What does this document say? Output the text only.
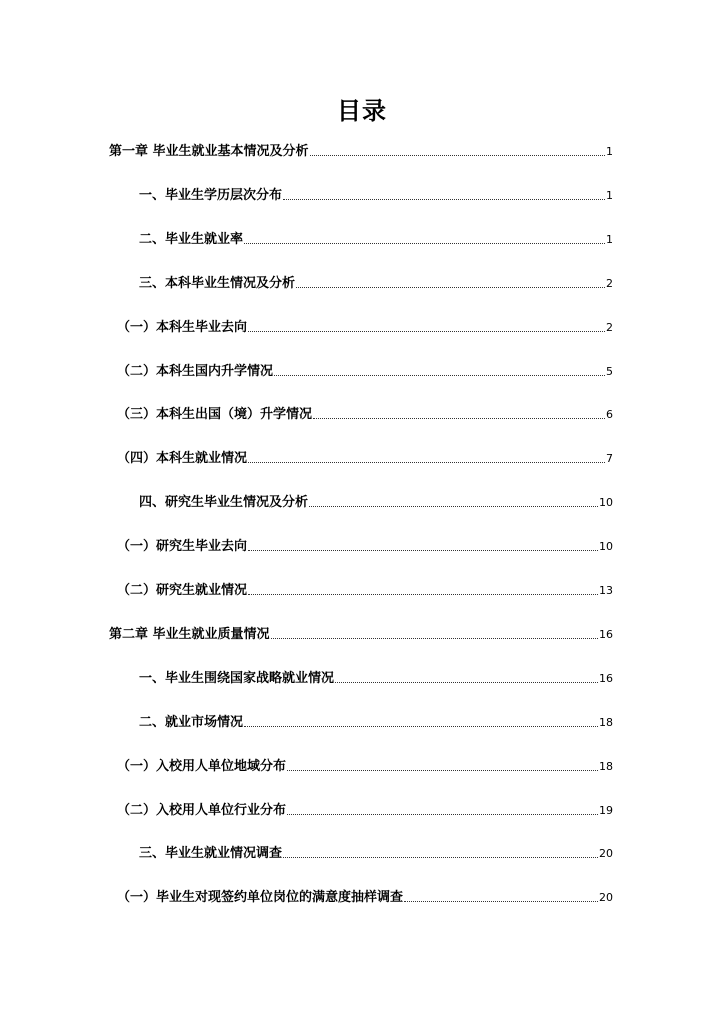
目录
第一章 毕业生就业基本情况及分析	1
一、毕业生学历层次分布	1
二、毕业生就业率	1
三、本科毕业生情况及分析	2
（一）本科生毕业去向	2
（二）本科生国内升学情况	5
（三）本科生出国（境）升学情况	6
（四）本科生就业情况	7
四、研究生毕业生情况及分析	10
（一）研究生毕业去向	10
（二）研究生就业情况	13
第二章 毕业生就业质量情况	16
一、毕业生围绕国家战略就业情况	16
二、就业市场情况	18
（一）入校用人单位地域分布	18
（二）入校用人单位行业分布	19
三、毕业生就业情况调查	20
（一）毕业生对现签约单位岗位的满意度抽样调查	20
